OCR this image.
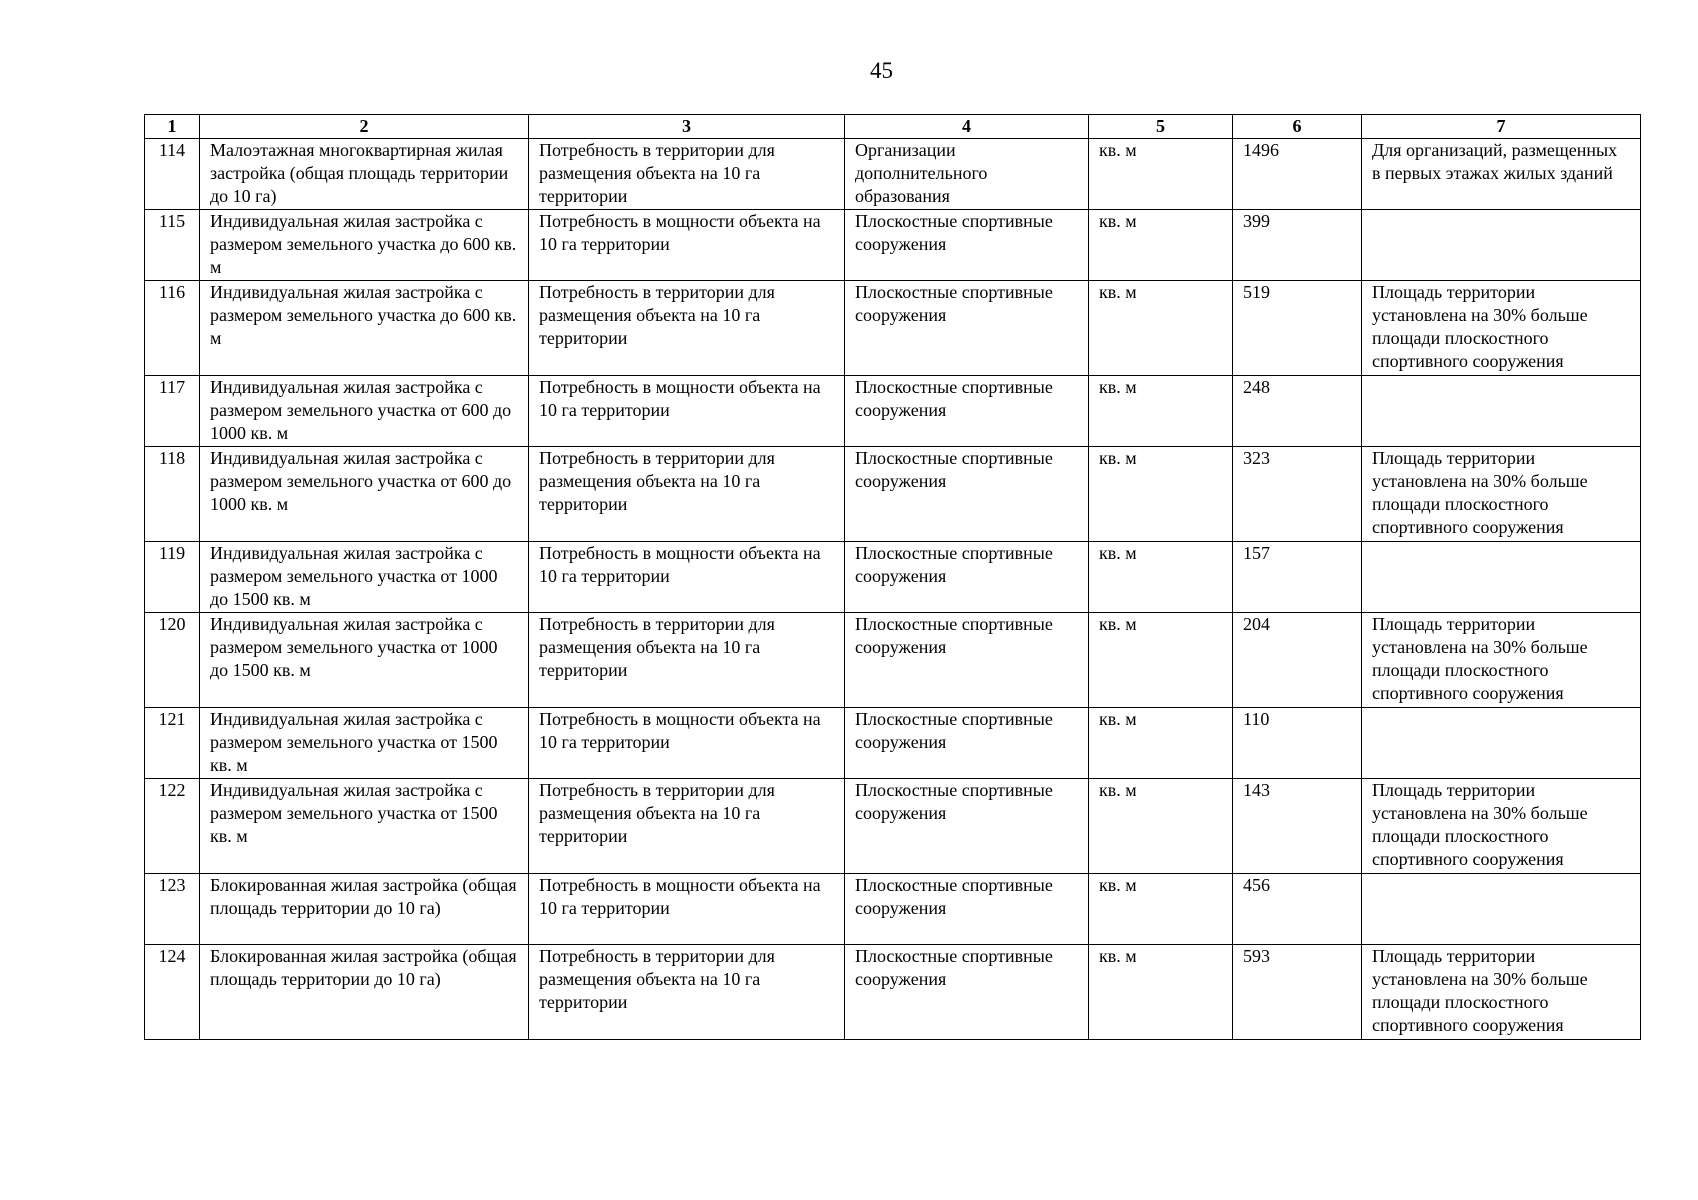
45
1	2	3	4	5	6	7
114	Малоэтажная многоквартирная жилая застройка (общая площадь территории до 10 га)	Потребность в территории для размещения объекта на 10 га территории	Организации дополнительного образования	кв. м	1496	Для организаций, размещенных в первых этажах жилых зданий
115	Индивидуальная жилая застройка с размером земельного участка до 600 кв. м	Потребность в мощности объекта на 10 га территории	Плоскостные спортивные сооружения	кв. м	399	
116	Индивидуальная жилая застройка с размером земельного участка до 600 кв. м	Потребность в территории для размещения объекта на 10 га территории	Плоскостные спортивные сооружения	кв. м	519	Площадь территории установлена на 30% больше площади плоскостного спортивного сооружения
117	Индивидуальная жилая застройка с размером земельного участка от 600 до 1000 кв. м	Потребность в мощности объекта на 10 га территории	Плоскостные спортивные сооружения	кв. м	248	
118	Индивидуальная жилая застройка с размером земельного участка от 600 до 1000 кв. м	Потребность в территории для размещения объекта на 10 га территории	Плоскостные спортивные сооружения	кв. м	323	Площадь территории установлена на 30% больше площади плоскостного спортивного сооружения
119	Индивидуальная жилая застройка с размером земельного участка от 1000 до 1500 кв. м	Потребность в мощности объекта на 10 га территории	Плоскостные спортивные сооружения	кв. м	157	
120	Индивидуальная жилая застройка с размером земельного участка от 1000 до 1500 кв. м	Потребность в территории для размещения объекта на 10 га территории	Плоскостные спортивные сооружения	кв. м	204	Площадь территории установлена на 30% больше площади плоскостного спортивного сооружения
121	Индивидуальная жилая застройка с размером земельного участка от 1500 кв. м	Потребность в мощности объекта на 10 га территории	Плоскостные спортивные сооружения	кв. м	110	
122	Индивидуальная жилая застройка с размером земельного участка от 1500 кв. м	Потребность в территории для размещения объекта на 10 га территории	Плоскостные спортивные сооружения	кв. м	143	Площадь территории установлена на 30% больше площади плоскостного спортивного сооружения
123	Блокированная жилая застройка (общая площадь территории до 10 га)	Потребность в мощности объекта на 10 га территории	Плоскостные спортивные сооружения	кв. м	456	
124	Блокированная жилая застройка (общая площадь территории до 10 га)	Потребность в территории для размещения объекта на 10 га территории	Плоскостные спортивные сооружения	кв. м	593	Площадь территории установлена на 30% больше площади плоскостного спортивного сооружения
